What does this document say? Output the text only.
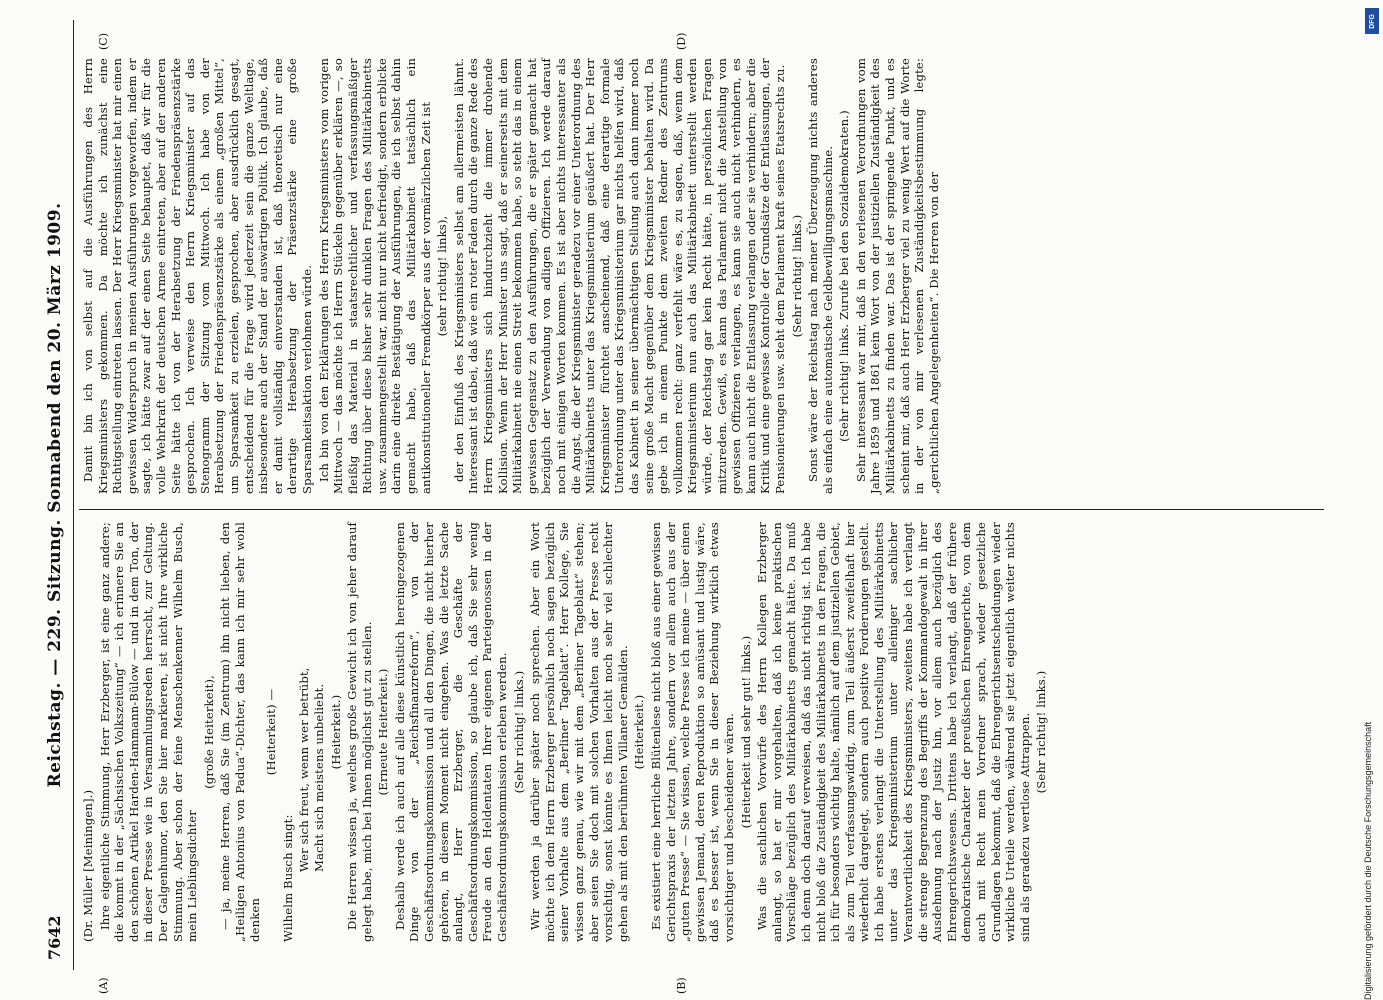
7642
Reichstag. — 229. Sitzung. Sonnabend den 20. März 1909.
(A)	(B)
(C)	(D)

(Dr. Müller [Meiningen].) Ihre eigentliche Stimmung, Herr Erzberger, ist eine ganz andere; die kommt in der „Sächsischen Volkszeitung“ — ich erinnere Sie an den schönen Artikel Harden-Hammann-Bülow — und in dem Ton, der in dieser Presse wie in Versammlungsreden herrscht, zur Geltung. Der Galgenhumor, den Sie hier markieren, ist nicht Ihre wirkliche Stimmung. Aber schon der feine Menschenkenner Wilhelm Busch, mein Lieblingsdichter

(große Heiterkeit), — ja, meine Herren, daß Sie (im Zentrum) ihn nicht lieben, den „Heiligen Antonius von Padua“-Dichter, das kann ich mir sehr wohl denken

(Heiterkeit) —

Wilhelm Busch singt:

Wer sich freut, wenn wer betrübt, Macht sich meistens unbeliebt. (Heiterkeit.) Die Herren wissen ja, welches große Gewicht ich von jeher darauf gelegt habe, mich bei Ihnen möglichst gut zu stellen. (Erneute Heiterkeit.) Deshalb werde ich auch auf alle diese künstlich hereingezogenen Dinge von der „Reichsfinanzreform“, von der Geschäftsordnungskommission und all den Dingen, die nicht hierher gehören, in diesem Moment nicht eingehen. Was die letzte Sache anlangt, Herr Erzberger, die Geschäfte der Geschäftsordnungskommission, so glaube ich, daß Sie sehr wenig Freude an den Heldentaten Ihrer eigenen Parteigenossen in der Geschäftsordnungskommission erleben werden. (Sehr richtig! links.) Wir werden ja darüber später noch sprechen. Aber ein Wort möchte ich dem Herrn Erzberger persönlich noch sagen bezüglich seiner Vorhalte aus dem „Berliner Tageblatt“. Herr Kollege, Sie wissen ganz genau, wie wir mit dem „Berliner Tageblatt“ stehen; aber seien Sie doch mit solchen Vorhalten aus der Presse recht vorsichtig, sonst könnte es Ihnen leicht noch sehr viel schlechter gehen als mit den berühmten Villaner Gemälden. (Heiterkeit.) Es existiert eine herrliche Blütenlese nicht bloß aus einer gewissen Gerichtspraxis der letzten Jahre, sondern vor allem auch aus der „guten Presse“ — Sie wissen, welche Presse ich meine — über einen gewissen Jemand, deren Reproduktion so amüsant und lustig wäre, daß es besser ist, wenn Sie in dieser Beziehung wirklich etwas vorsichtiger und bescheidener wären. (Heiterkeit und sehr gut! links.) Was die sachlichen Vorwürfe des Herrn Kollegen Erzberger anlangt, so hat er mir vorgehalten, daß ich keine praktischen Vorschläge bezüglich des Militärkabinetts gemacht hätte. Da muß ich denn doch darauf verweisen, daß das nicht richtig ist. Ich habe nicht bloß die Zuständigkeit des Militärkabinetts in den Fragen, die ich für besonders wichtig halte, nämlich auf dem justiziellen Gebiet, als zum Teil verfassungswidrig, zum Teil äußerst zweifelhaft hier wiederholt dargelegt, sondern auch positive Forderungen gestellt. Ich habe erstens verlangt die Unterstellung des Militärkabinetts unter das Kriegsministerium unter alleiniger sachlicher Verantwortlichkeit des Kriegsministers, zweitens habe ich verlangt die strenge Begrenzung des Begriffs der Kommandogewalt in ihrer Ausdehnung nach der Justiz hin, vor allem auch bezüglich des Ehrengerichtswesens. Drittens habe ich verlangt, daß der frühere demokratische Charakter der preußischen Ehrengerichte, von dem auch mit Recht mein Vorredner sprach, wieder gesetzliche Grundlagen bekommt, daß die Ehrengerichtsentscheidungen wieder wirkliche Urteile werden, während sie jetzt eigentlich weiter nichts sind als geradezu wertlose Attrappen. (Sehr richtig! links.)

Damit bin ich von selbst auf die Ausführungen des Herrn Kriegsministers gekommen. Da möchte ich zunächst eine Richtigstellung eintreten lassen. Der Herr Kriegsminister hat mir einen gewissen Widerspruch in meinen Ausführungen vorgeworfen, indem er sagte, ich hätte zwar auf der einen Seite behauptet, daß wir für die volle Wehrkraft der deutschen Armee eintreten, aber auf der anderen Seite hätte ich von der Herabsetzung der Friedenspräsenzstärke gesprochen. Ich verweise den Herrn Kriegsminister auf das Stenogramm der Sitzung vom Mittwoch. Ich habe von der Herabsetzung der Friedenspräsenzstärke als einem „großen Mittel“, um Sparsamkeit zu erzielen, gesprochen, aber ausdrücklich gesagt, entscheidend für die Frage wird jederzeit sein die ganze Weltlage, insbesondere auch der Stand der auswärtigen Politik. Ich glaube, daß er damit vollständig einverstanden ist, daß theoretisch nur eine derartige Herabsetzung der Präsenzstärke eine große Sparsamkeitsaktion verlohnen würde. Ich bin von den Erklärungen des Herrn Kriegsministers vom vorigen Mittwoch — das möchte ich Herrn Stückeln gegenüber erklären —, so fleißig das Material in staatsrechtlicher und verfassungsmäßiger Richtung über diese bisher sehr dunklen Fragen des Militärkabinetts usw. zusammengestellt war, nicht nur nicht befriedigt, sondern erblicke darin eine direkte Bestätigung der Ausführungen, die ich selbst dahin gemacht habe, daß das Militärkabinett tatsächlich ein antikonstitutioneller Fremdkörper aus der vormärzlichen Zeit ist (sehr richtig! links), der den Einfluß des Kriegsministers selbst am allermeisten lähmt. Interessant ist dabei, daß wie ein roter Faden durch die ganze Rede des Herrn Kriegsministers sich hindurchzieht die immer drohende Kollision. Wenn der Herr Minister uns sagt, daß er seinerseits mit dem Militärkabinett nie einen Streit bekommen habe, so steht das in einem gewissen Gegensatz zu den Ausführungen, die er später gemacht hat bezüglich der Verwendung von adligen Offizieren. Ich werde darauf noch mit einigen Worten kommen. Es ist aber nichts interessanter als die Angst, die der Kriegsminister geradezu vor einer Unterordnung des Militärkabinetts unter das Kriegsministerium geäußert hat. Der Herr Kriegsminister fürchtet anscheinend, daß eine derartige formale Unterordnung unter das Kriegsministerium gar nichts helfen wird, daß das Kabinett in seiner übermächtigen Stellung auch dann immer noch seine große Macht gegenüber dem Kriegsminister behalten wird. Da gebe ich in einem Punkte dem zweiten Redner des Zentrums vollkommen recht: ganz verfehlt wäre es, zu sagen, daß, wenn dem Kriegsministerium nun auch das Militärkabinett unterstellt werden würde, der Reichstag gar kein Recht hätte, in persönlichen Fragen mitzureden. Gewiß, es kann das Parlament nicht die Anstellung von gewissen Offizieren verlangen, es kann sie auch nicht verhindern, es kann auch nicht die Entlassung verlangen oder sie verhindern; aber die Kritik und eine gewisse Kontrolle der Grundsätze der Entlassungen, der Pensionierungen usw. steht dem Parlament kraft seines Etatsrechts zu. (Sehr richtig! links.) Sonst wäre der Reichstag nach meiner Überzeugung nichts anderes als einfach eine automatische Geldbewilligungsmaschine. (Sehr richtig! links. Zurufe bei den Sozialdemokraten.) Sehr interessant war mir, daß in den verlesenen Verordnungen vom Jahre 1859 und 1861 kein Wort von der justiziellen Zuständigkeit des Militärkabinetts zu finden war. Das ist der springende Punkt, und es scheint mir, daß auch Herr Erzberger viel zu wenig Wert auf die Worte in der von mir verlesenen Zuständigkeitsbestimmung legte: „gerichtlichen Angelegenheiten“. Die Herren von der

Digitalisierung gefördert durch die Deutsche Forschungsgemeinschaft
DFG
